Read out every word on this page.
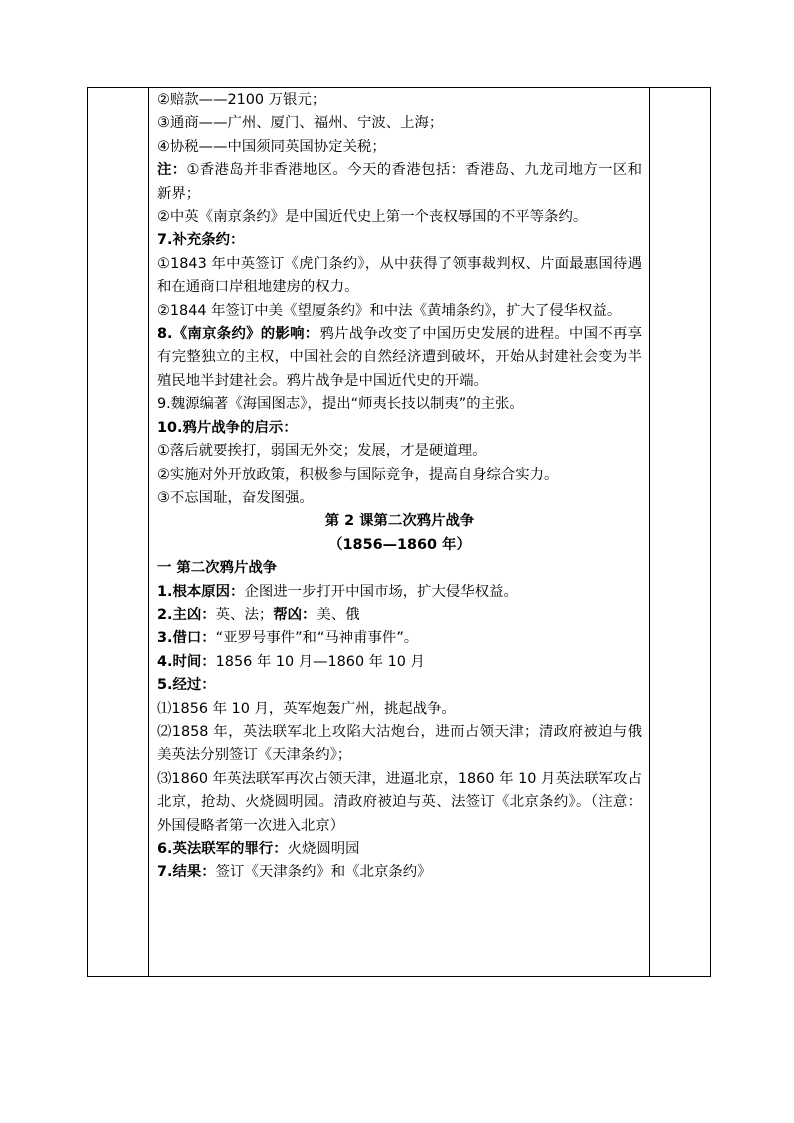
②赔款——2100 万银元；

③通商——广州、厦门、福州、宁波、上海；

④协税——中国须同英国协定关税；

注：①香港岛并非香港地区。今天的香港包括：香港岛、九龙司地方一区和新界；

②中英《南京条约》是中国近代史上第一个丧权辱国的不平等条约。

7.补充条约：

①1843 年中英签订《虎门条约》，从中获得了领事裁判权、片面最惠国待遇和在通商口岸租地建房的权力。

②1844 年签订中美《望厦条约》和中法《黄埔条约》，扩大了侵华权益。

8.《南京条约》的影响：鸦片战争改变了中国历史发展的进程。中国不再享有完整独立的主权，中国社会的自然经济遭到破坏，开始从封建社会变为半殖民地半封建社会。鸦片战争是中国近代史的开端。

9.魏源编著《海国图志》，提出“师夷长技以制夷”的主张。

10.鸦片战争的启示：

①落后就要挨打，弱国无外交；发展，才是硬道理。

②实施对外开放政策，积极参与国际竞争，提高自身综合实力。

③不忘国耻，奋发图强。

第 2 课第二次鸦片战争

（1856—1860 年）

一 第二次鸦片战争

1.根本原因：企图进一步打开中国市场，扩大侵华权益。

2.主凶：英、法；帮凶：美、俄

3.借口：“亚罗号事件”和“马神甫事件”。

4.时间：1856 年 10 月—1860 年 10 月

5.经过：

⑴1856 年 10 月，英军炮轰广州，挑起战争。

⑵1858 年，英法联军北上攻陷大沽炮台，进而占领天津；清政府被迫与俄美英法分别签订《天津条约》；

⑶1860 年英法联军再次占领天津，进逼北京，1860 年 10 月英法联军攻占北京，抢劫、火烧圆明园。清政府被迫与英、法签订《北京条约》。（注意：外国侵略者第一次进入北京）

6.英法联军的罪行：火烧圆明园

7.结果：签订《天津条约》和《北京条约》
